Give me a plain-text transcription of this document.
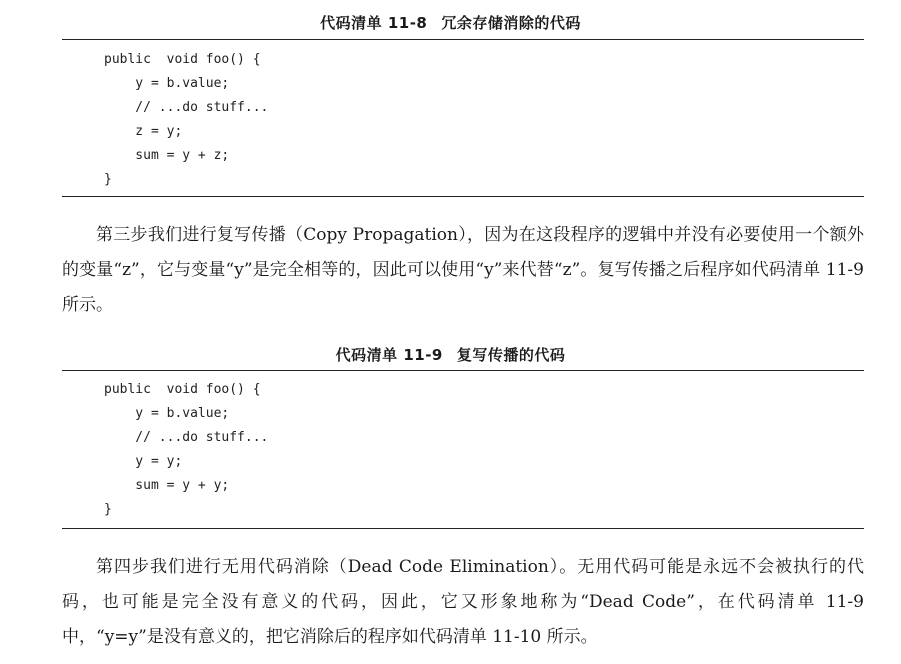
代码清单 11-8 冗余存储消除的代码
public  void foo() {
y = b.value;
// ...do stuff...
z = y;
sum = y + z;
}

第三步我们进行复写传播（Copy Propagation），因为在这段程序的逻辑中并没有必要使用一个额外的变量“z”，它与变量“y”是完全相等的，因此可以使用“y”来代替“z”。复写传播之后程序如代码清单 11-9 所示。

代码清单 11-9 复写传播的代码
public  void foo() {
y = b.value;
// ...do stuff...
y = y;
sum = y + y;
}

第四步我们进行无用代码消除（Dead Code Elimination）。无用代码可能是永远不会被执行的代码，也可能是完全没有意义的代码，因此，它又形象地称为“Dead Code”，在代码清单 11-9 中，“y=y”是没有意义的，把它消除后的程序如代码清单 11-10 所示。
